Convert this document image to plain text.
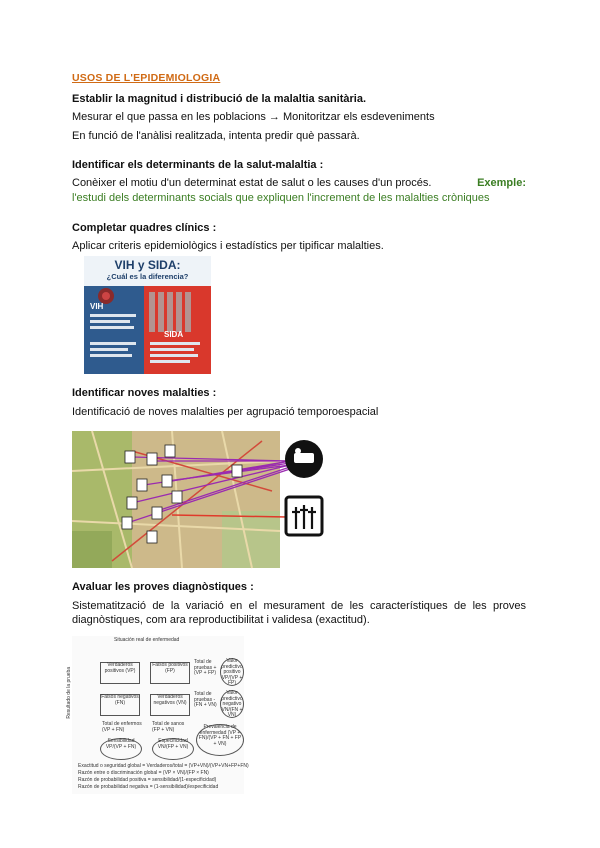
USOS DE L'EPIDEMIOLOGIA
Establir la magnitud i distribució de la malaltia sanitària.
Mesurar el que passa en les poblacions → Monitoritzar els esdeveniments
En funció de l'anàlisi realitzada, intenta predir què passarà.
Identificar els determinants de la salut-malaltia :
Conèixer el motiu d'un determinat estat de salut o les causes d'un procés.	Exemple:
l'estudi dels determinants socials que expliquen l'increment de les malalties cròniques
Completar quadres clínics :
Aplicar criteris epidemiològics i estadístics per tipificar malalties.
VIH y SIDA:
¿Cuál es la diferencia?
VIH
SIDA
Identificar noves malalties :
Identificació de noves malalties per agrupació temporoespacial
Avaluar les proves diagnòstiques :
Sistematització de la variació en el mesurament de les característiques de les proves diagnòstiques, com ara reproductibilitat i validesa (exactitud).
Situación real de enfermedad
Resultado de la prueba
Verdaderos positivos (VP)
Falsos positivos (FP)
Falsos negativos (FN)
Verdaderos negativos (VN)
Total de pruebas + (VP + FP)
Total de pruebas - (FN + VN)
Valor predictivo positivo VP/(VP + FP)
Valor predictivo negativo VN/(FN + VN)
Total de enfermos (VP + FN)
Total de sanos (FP + VN)
Sensibilidad VP/(VP + FN)
Especificidad VN/(FP + VN)
Prevalencia de enfermedad (VP + FN)/(VP + FN + FP + VN)
Exactitud o seguridad global = Verdaderos/total = (VP+VN)/(VP+VN+FP+FN)
Razón entre o discriminación global = (VP × VN)/(FP × FN)
Razón de probabilidad positiva = sensibilidad/(1-especificidad)
Razón de probabilidad negativa = (1-sensibilidad)/especificidad
